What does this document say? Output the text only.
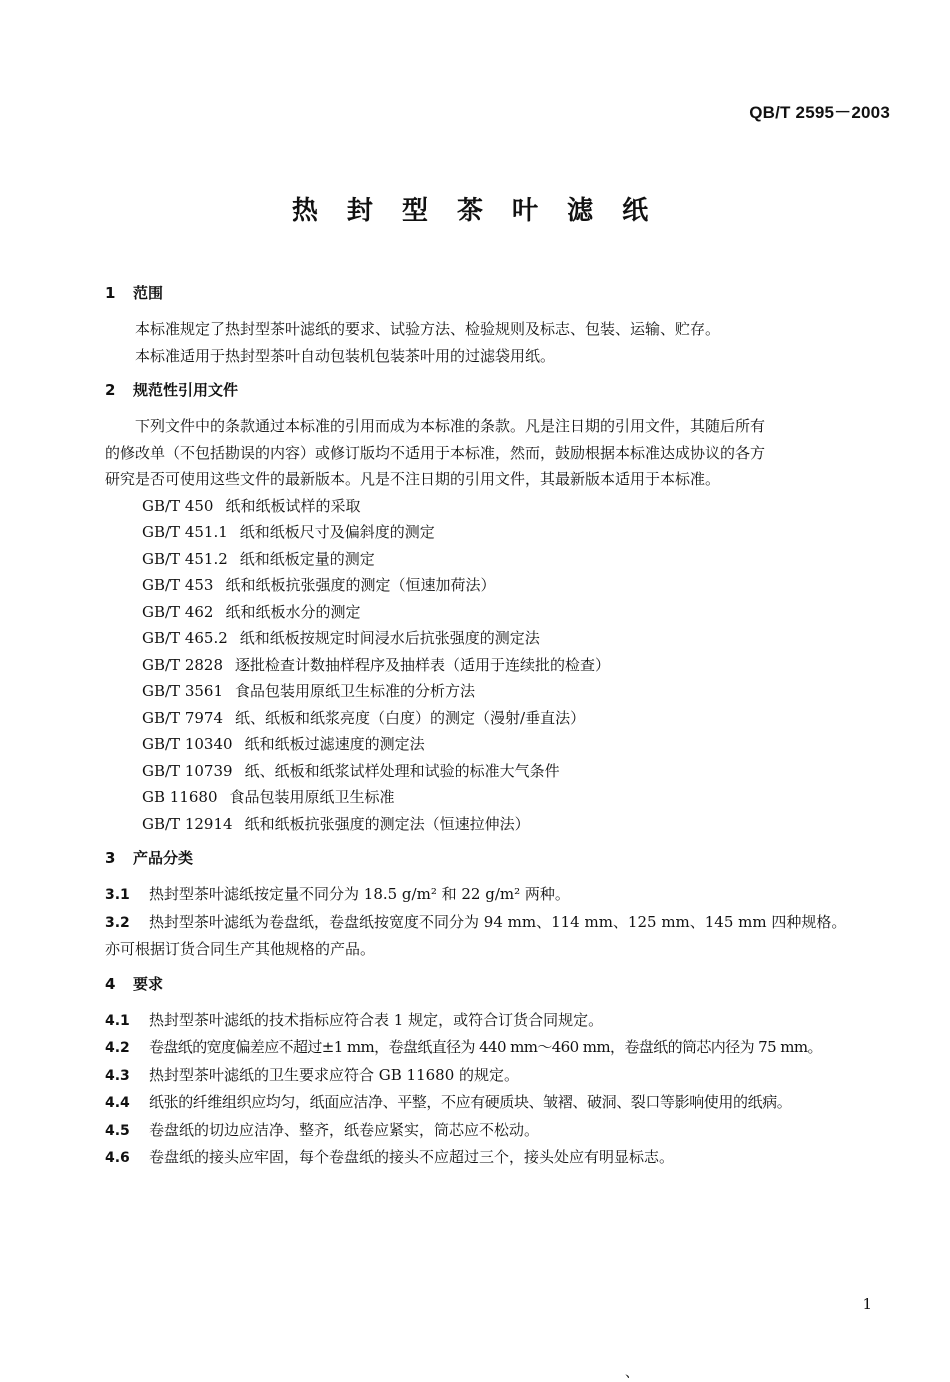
QB/T 2595－2003
热 封 型 茶 叶 滤 纸
1 范围

本标准规定了热封型茶叶滤纸的要求、试验方法、检验规则及标志、包装、运输、贮存。

本标准适用于热封型茶叶自动包装机包装茶叶用的过滤袋用纸。

2 规范性引用文件

下列文件中的条款通过本标准的引用而成为本标准的条款。凡是注日期的引用文件，其随后所有

的修改单（不包括勘误的内容）或修订版均不适用于本标准，然而，鼓励根据本标准达成协议的各方

研究是否可使用这些文件的最新版本。凡是不注日期的引用文件，其最新版本适用于本标准。

GB/T 450 纸和纸板试样的采取

GB/T 451.1 纸和纸板尺寸及偏斜度的测定

GB/T 451.2 纸和纸板定量的测定

GB/T 453 纸和纸板抗张强度的测定（恒速加荷法）

GB/T 462 纸和纸板水分的测定

GB/T 465.2 纸和纸板按规定时间浸水后抗张强度的测定法

GB/T 2828 逐批检查计数抽样程序及抽样表（适用于连续批的检查）

GB/T 3561 食品包装用原纸卫生标准的分析方法

GB/T 7974 纸、纸板和纸浆亮度（白度）的测定（漫射/垂直法）

GB/T 10340 纸和纸板过滤速度的测定法

GB/T 10739 纸、纸板和纸浆试样处理和试验的标准大气条件

GB 11680 食品包装用原纸卫生标准

GB/T 12914 纸和纸板抗张强度的测定法（恒速拉伸法）

3 产品分类

3.1 热封型茶叶滤纸按定量不同分为 18.5 g/m² 和 22 g/m² 两种。

3.2 热封型茶叶滤纸为卷盘纸，卷盘纸按宽度不同分为 94 mm、114 mm、125 mm、145 mm 四种规格。

亦可根据订货合同生产其他规格的产品。

4 要求

4.1 热封型茶叶滤纸的技术指标应符合表 1 规定，或符合订货合同规定。

4.2 卷盘纸的宽度偏差应不超过±1 mm，卷盘纸直径为 440 mm～460 mm，卷盘纸的筒芯内径为 75 mm。

4.3 热封型茶叶滤纸的卫生要求应符合 GB 11680 的规定。

4.4 纸张的纤维组织应均匀，纸面应洁净、平整，不应有硬质块、皱褶、破洞、裂口等影响使用的纸病。

4.5 卷盘纸的切边应洁净、整齐，纸卷应紧实，筒芯应不松动。

4.6 卷盘纸的接头应牢固，每个卷盘纸的接头不应超过三个，接头处应有明显标志。

1
、
